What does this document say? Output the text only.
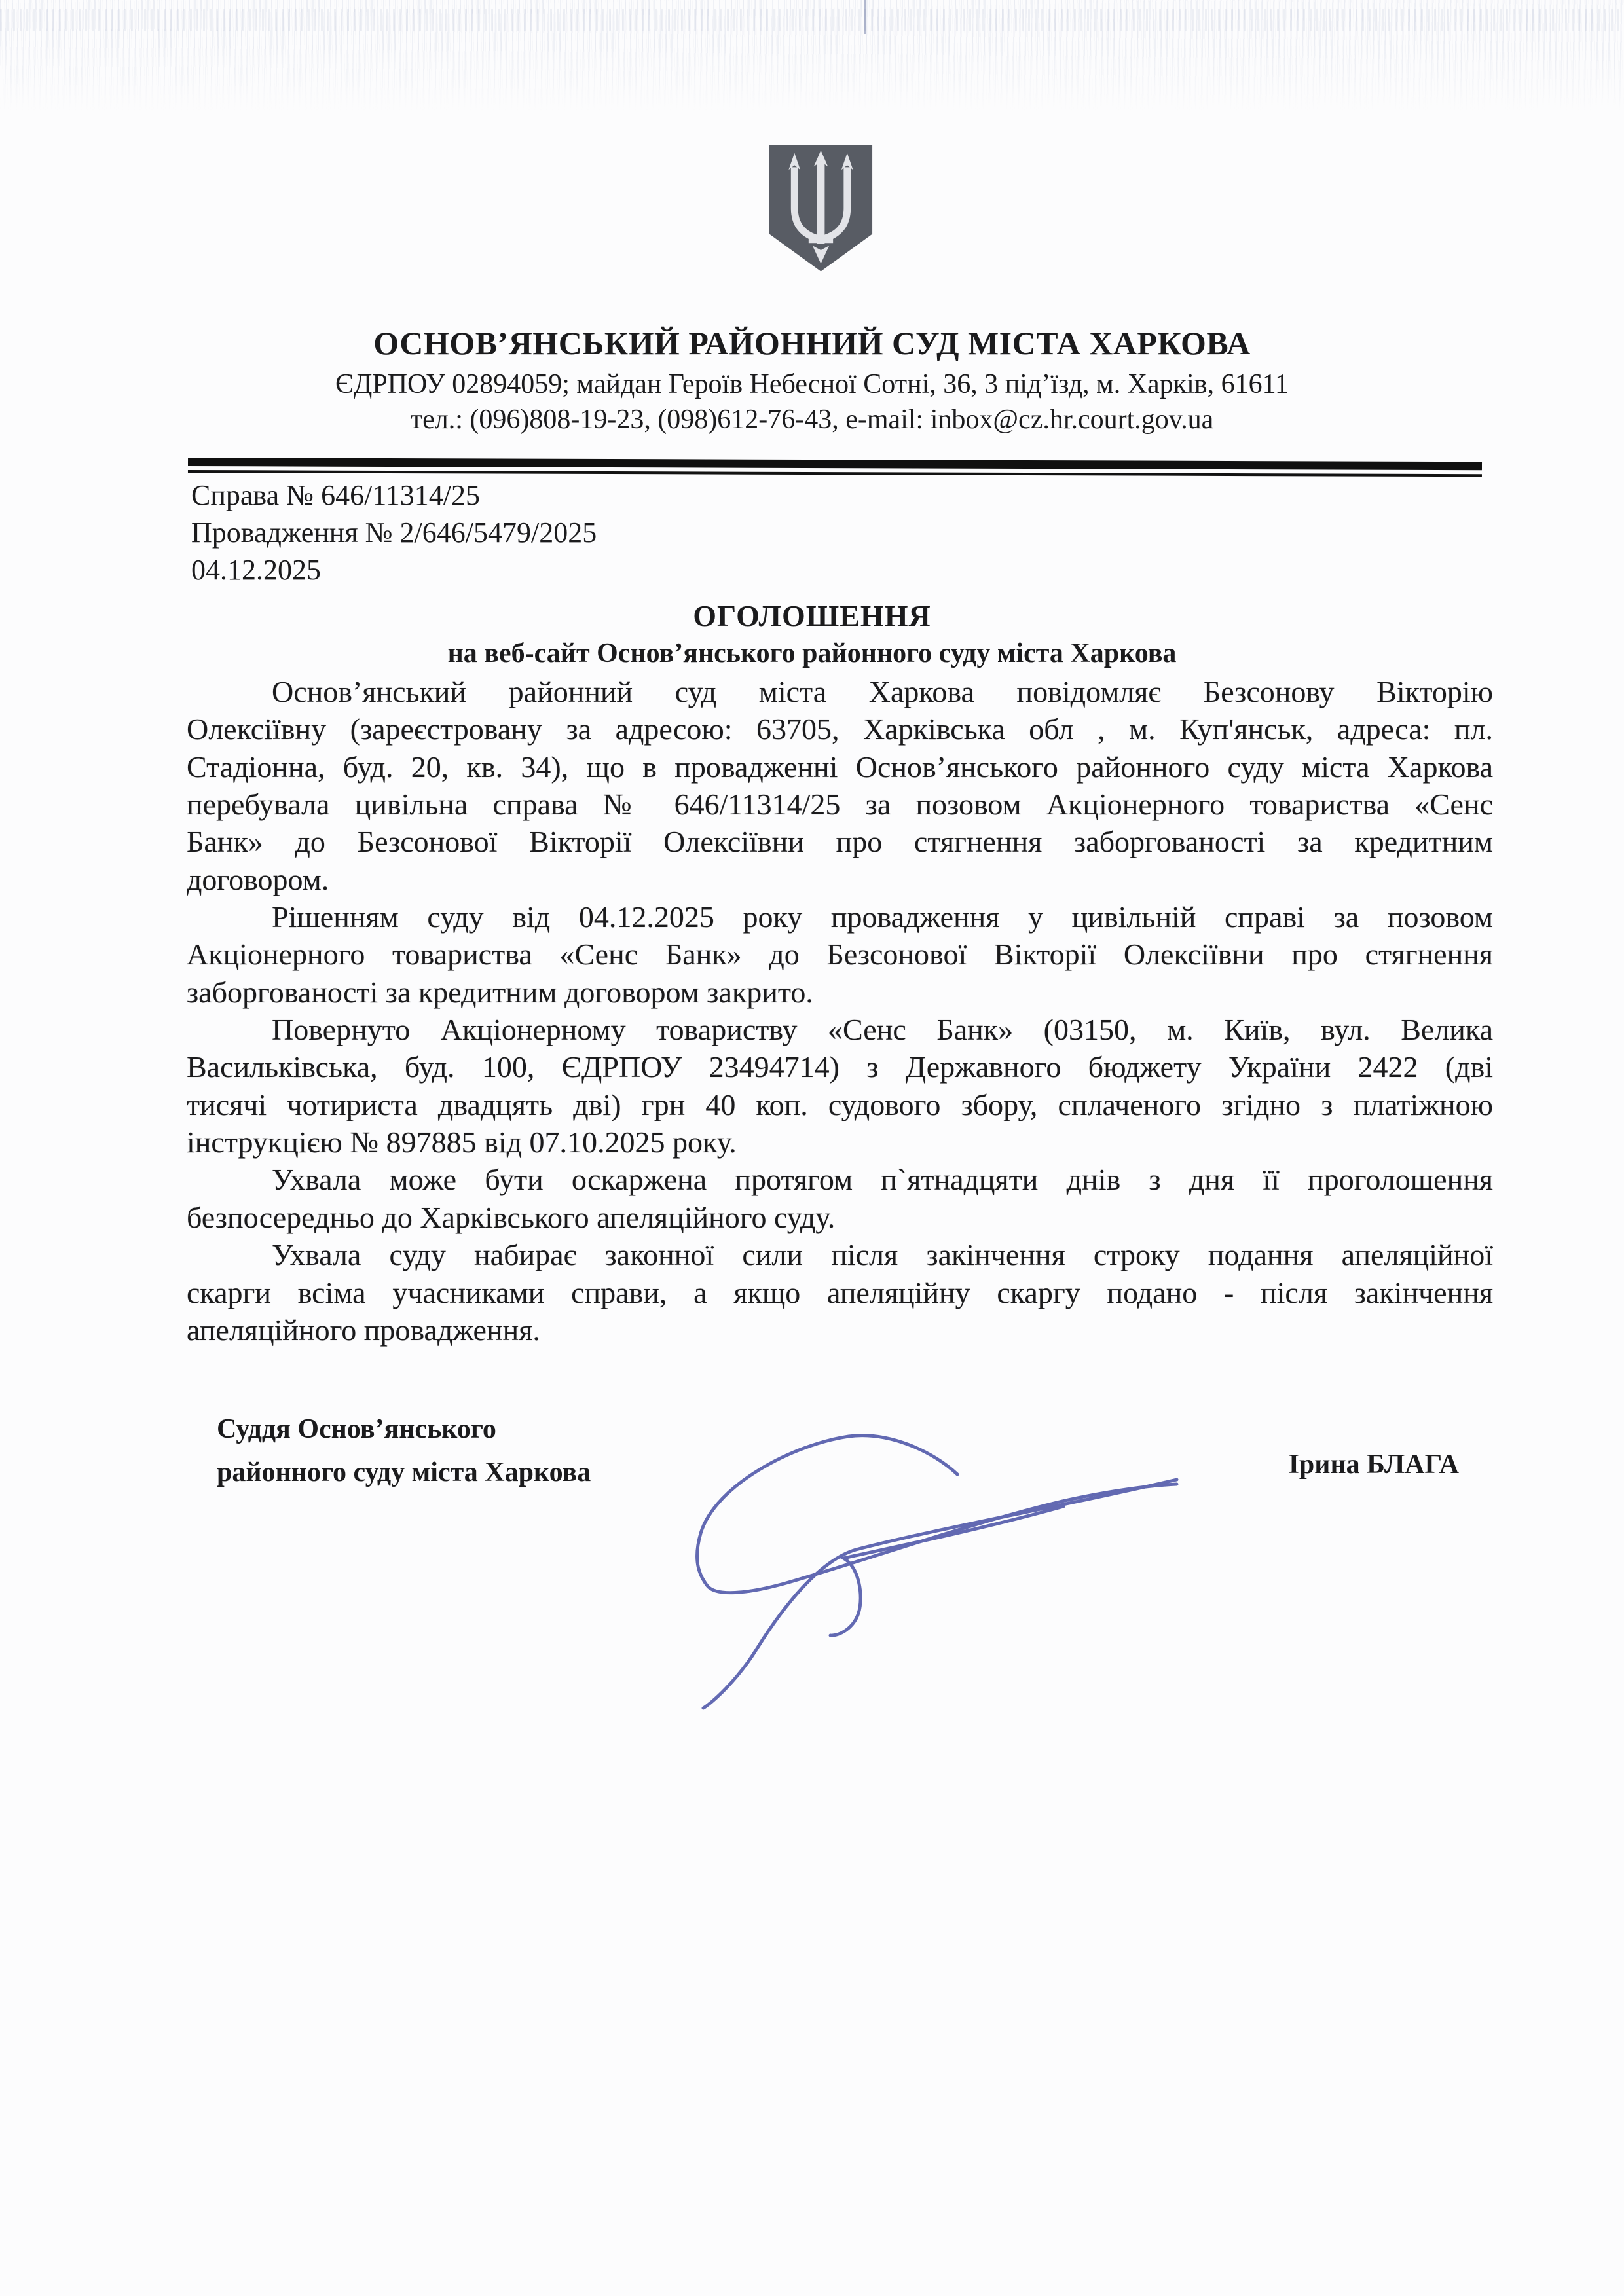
ОСНОВ’ЯНСЬКИЙ РАЙОННИЙ СУД МІСТА ХАРКОВА
ЄДРПОУ 02894059; майдан Героїв Небесної Сотні, 36, 3 під’їзд, м. Харків, 61611
тел.: (096)808-19-23, (098)612-76-43, e-mail: inbox@cz.hr.court.gov.ua
Справа № 646/11314/25
Провадження № 2/646/5479/2025
04.12.2025
ОГОЛОШЕННЯ
на веб-сайт Основ’янського районного суду міста Харкова
Основ’янський районний суд міста Харкова повідомляє Безсонову Вікторію
Олексіївну (зареєстровану за адресою: 63705, Харківська обл , м. Куп'янськ, адреса: пл.
Стадіонна, буд. 20, кв. 34), що в провадженні Основ’янського районного суду міста Харкова
перебувала цивільна справа № 646/11314/25 за позовом Акціонерного товариства «Сенс
Банк» до Безсонової Вікторії Олексіївни про стягнення заборгованості за кредитним
договором.
Рішенням суду від 04.12.2025 року провадження у цивільній справі за позовом
Акціонерного товариства «Сенс Банк» до Безсонової Вікторії Олексіївни про стягнення
заборгованості за кредитним договором закрито.
Повернуто Акціонерному товариству «Сенс Банк» (03150, м. Київ, вул. Велика
Васильківська, буд. 100, ЄДРПОУ 23494714) з Державного бюджету України 2422 (дві
тисячі чотириста двадцять дві) грн 40 коп. судового збору, сплаченого згідно з платіжною
інструкцією № 897885 від 07.10.2025 року.
Ухвала може бути оскаржена протягом п`ятнадцяти днів з дня її проголошення
безпосередньо до Харківського апеляційного суду.
Ухвала суду набирає законної сили після закінчення строку подання апеляційної
скарги всіма учасниками справи, а якщо апеляційну скаргу подано - після закінчення
апеляційного провадження.
Суддя Основ’янського
районного суду міста Харкова	Ірина БЛАГА
